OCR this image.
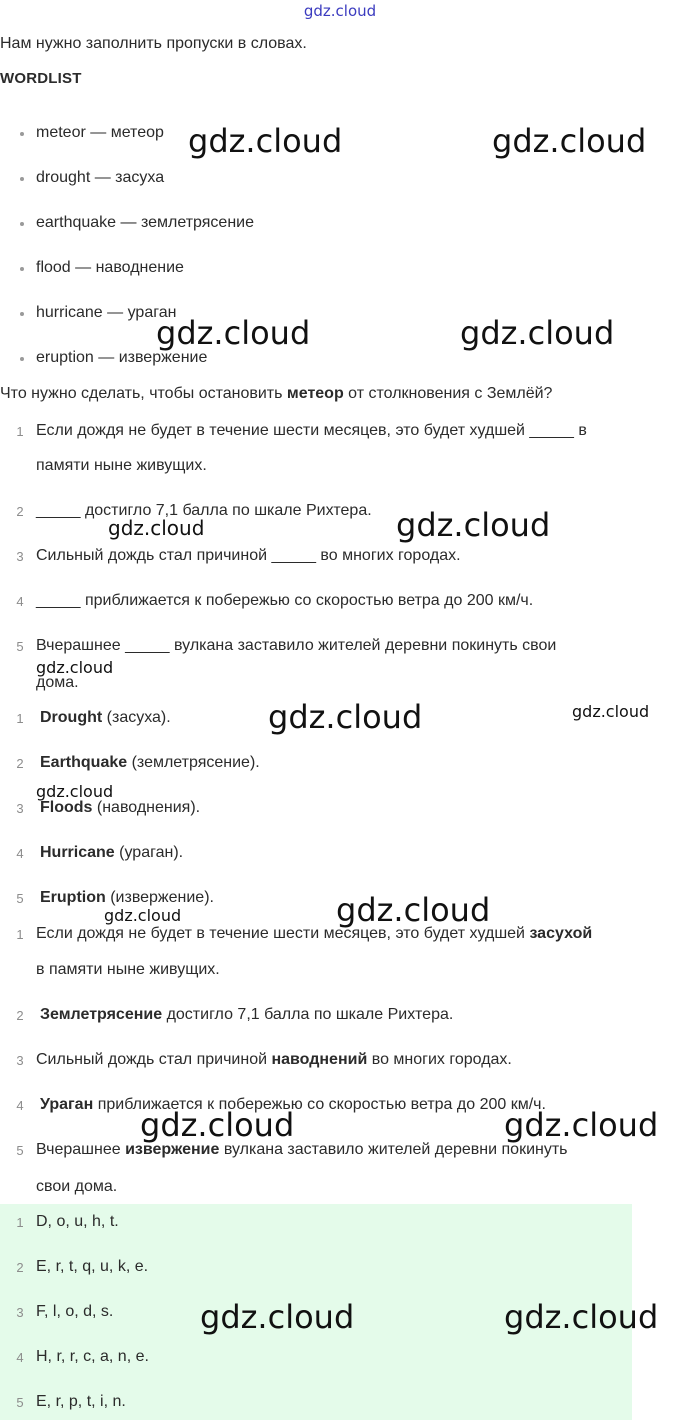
gdz.cloud
Нам нужно заполнить пропуски в словах.
WORDLIST
meteor — метеор
drought — засуха
earthquake — землетрясение
flood — наводнение
hurricane — ураган
eruption — извержение
Что нужно сделать, чтобы остановить метеор от столкновения с Землёй?
1 Если дождя не будет в течение шести месяцев, это будет худшей _____ в
памяти ныне живущих.
2 _____ достигло 7,1 балла по шкале Рихтера.
3 Сильный дождь стал причиной _____ во многих городах.
4 _____ приближается к побережью со скоростью ветра до 200 км/ч.
5 Вчерашнее _____ вулкана заставило жителей деревни покинуть свои
дома.
1 Drought (засуха).
2 Earthquake (землетрясение).
3 Floods (наводнения).
4 Hurricane (ураган).
5 Eruption (извержение).
1 Если дождя не будет в течение шести месяцев, это будет худшей засухой
в памяти ныне живущих.
2 Землетрясение достигло 7,1 балла по шкале Рихтера.
3 Сильный дождь стал причиной наводнений во многих городах.
4 Ураган приближается к побережью со скоростью ветра до 200 км/ч.
5 Вчерашнее извержение вулкана заставило жителей деревни покинуть
свои дома.
1 D, o, u, h, t.
2 E, r, t, q, u, k, e.
3 F, l, o, d, s.
4 H, r, r, c, a, n, e.
5 E, r, p, t, i, n.
gdz.cloud	gdz.cloud
gdz.cloud	gdz.cloud
gdz.cloud	gdz.cloud
gdz.cloud
gdz.cloud	gdz.cloud
gdz.cloud
gdz.cloud	gdz.cloud
gdz.cloud	gdz.cloud
gdz.cloud	gdz.cloud
